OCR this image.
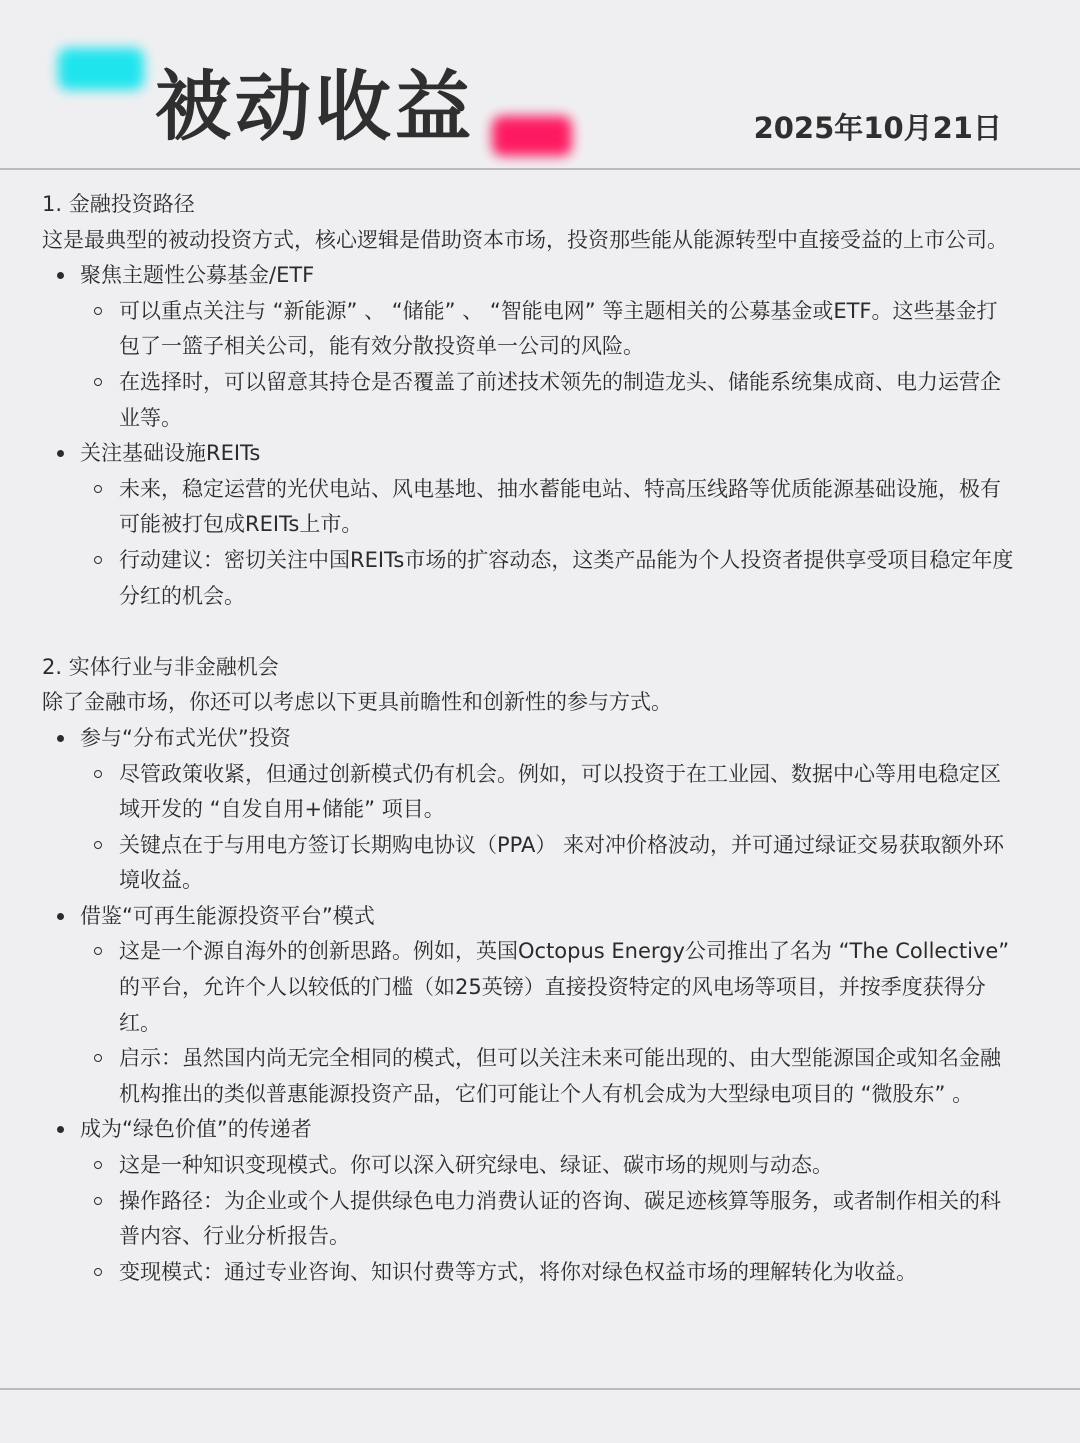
被动收益	2025年10月21日
1. 金融投资路径

这是最典型的被动投资方式，核心逻辑是借助资本市场，投资那些能从能源转型中直接受益的上市公司。

聚焦主题性公募基金/ETF
可以重点关注与 “新能源” 、 “储能” 、 “智能电网” 等主题相关的公募基金或ETF。这些基金打包了一篮子相关公司，能有效分散投资单一公司的风险。
在选择时，可以留意其持仓是否覆盖了前述技术领先的制造龙头、储能系统集成商、电力运营企业等。
关注基础设施REITs
未来，稳定运营的光伏电站、风电基地、抽水蓄能电站、特高压线路等优质能源基础设施，极有可能被打包成REITs上市。
行动建议：密切关注中国REITs市场的扩容动态，这类产品能为个人投资者提供享受项目稳定年度分红的机会。
2. 实体行业与非金融机会

除了金融市场，你还可以考虑以下更具前瞻性和创新性的参与方式。

参与“分布式光伏”投资
尽管政策收紧，但通过创新模式仍有机会。例如，可以投资于在工业园、数据中心等用电稳定区域开发的 “自发自用+储能” 项目。
关键点在于与用电方签订长期购电协议（PPA） 来对冲价格波动，并可通过绿证交易获取额外环境收益。
借鉴“可再生能源投资平台”模式
这是一个源自海外的创新思路。例如，英国Octopus Energy公司推出了名为 “The Collective” 的平台，允许个人以较低的门槛（如25英镑）直接投资特定的风电场等项目，并按季度获得分红。
启示：虽然国内尚无完全相同的模式，但可以关注未来可能出现的、由大型能源国企或知名金融机构推出的类似普惠能源投资产品，它们可能让个人有机会成为大型绿电项目的 “微股东” 。
成为“绿色价值”的传递者
这是一种知识变现模式。你可以深入研究绿电、绿证、碳市场的规则与动态。
操作路径：为企业或个人提供绿色电力消费认证的咨询、碳足迹核算等服务，或者制作相关的科普内容、行业分析报告。
变现模式：通过专业咨询、知识付费等方式，将你对绿色权益市场的理解转化为收益。
